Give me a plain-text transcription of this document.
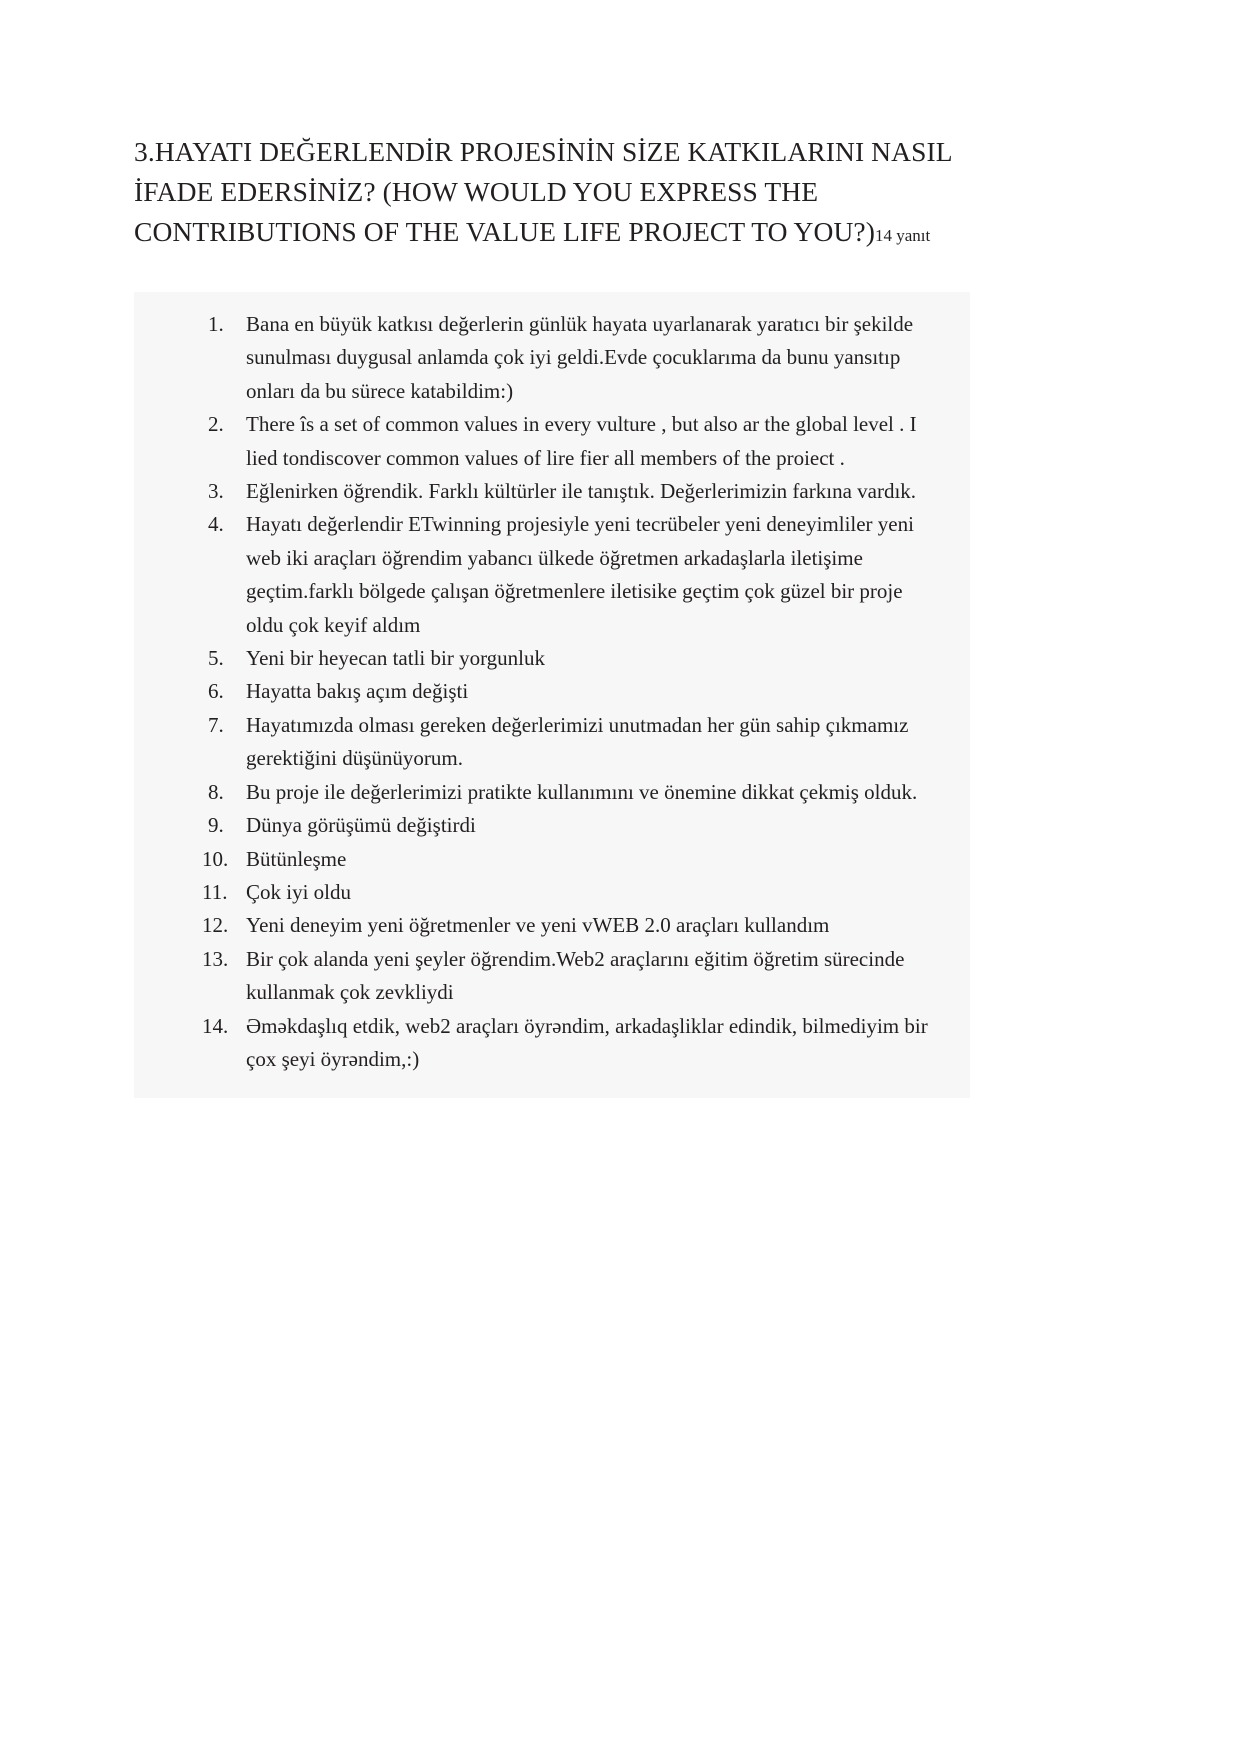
3.HAYATI DEĞERLENDİR PROJESİNİN SİZE KATKILARINI NASIL İFADE EDERSİNİZ? (HOW WOULD YOU EXPRESS THE CONTRIBUTIONS OF THE VALUE LIFE PROJECT TO YOU?)14 yanıt
Bana en büyük katkısı değerlerin günlük hayata uyarlanarak yaratıcı bir şekilde sunulması duygusal anlamda çok iyi geldi.Evde çocuklarıma da bunu yansıtıp onları da bu sürece katabildim:)
There îs a set of common values in every vulture , but also ar the global level . I lied tondiscover common values of lire fier all members of the proiect .
Eğlenirken öğrendik. Farklı kültürler ile tanıştık. Değerlerimizin farkına vardık.
Hayatı değerlendir ETwinning projesiyle yeni tecrübeler yeni deneyimliler yeni web iki araçları öğrendim yabancı ülkede öğretmen arkadaşlarla iletişime geçtim.farklı bölgede çalışan öğretmenlere iletisike geçtim çok güzel bir proje oldu çok keyif aldım
Yeni bir heyecan tatli bir yorgunluk
Hayatta bakış açım değişti
Hayatımızda olması gereken değerlerimizi unutmadan her gün sahip çıkmamız gerektiğini düşünüyorum.
Bu proje ile değerlerimizi pratikte kullanımını ve önemine dikkat çekmiş olduk.
Dünya görüşümü değiştirdi
Bütünleşme
Çok iyi oldu
Yeni deneyim yeni öğretmenler ve yeni vWEB 2.0 araçları kullandım
Bir çok alanda yeni şeyler öğrendim.Web2 araçlarını eğitim öğretim sürecinde kullanmak çok zevkliydi
Əməkdaşlıq etdik, web2 araçları öyrəndim, arkadaşliklar edindik, bilmediyim bir çox şeyi öyrəndim,:)
